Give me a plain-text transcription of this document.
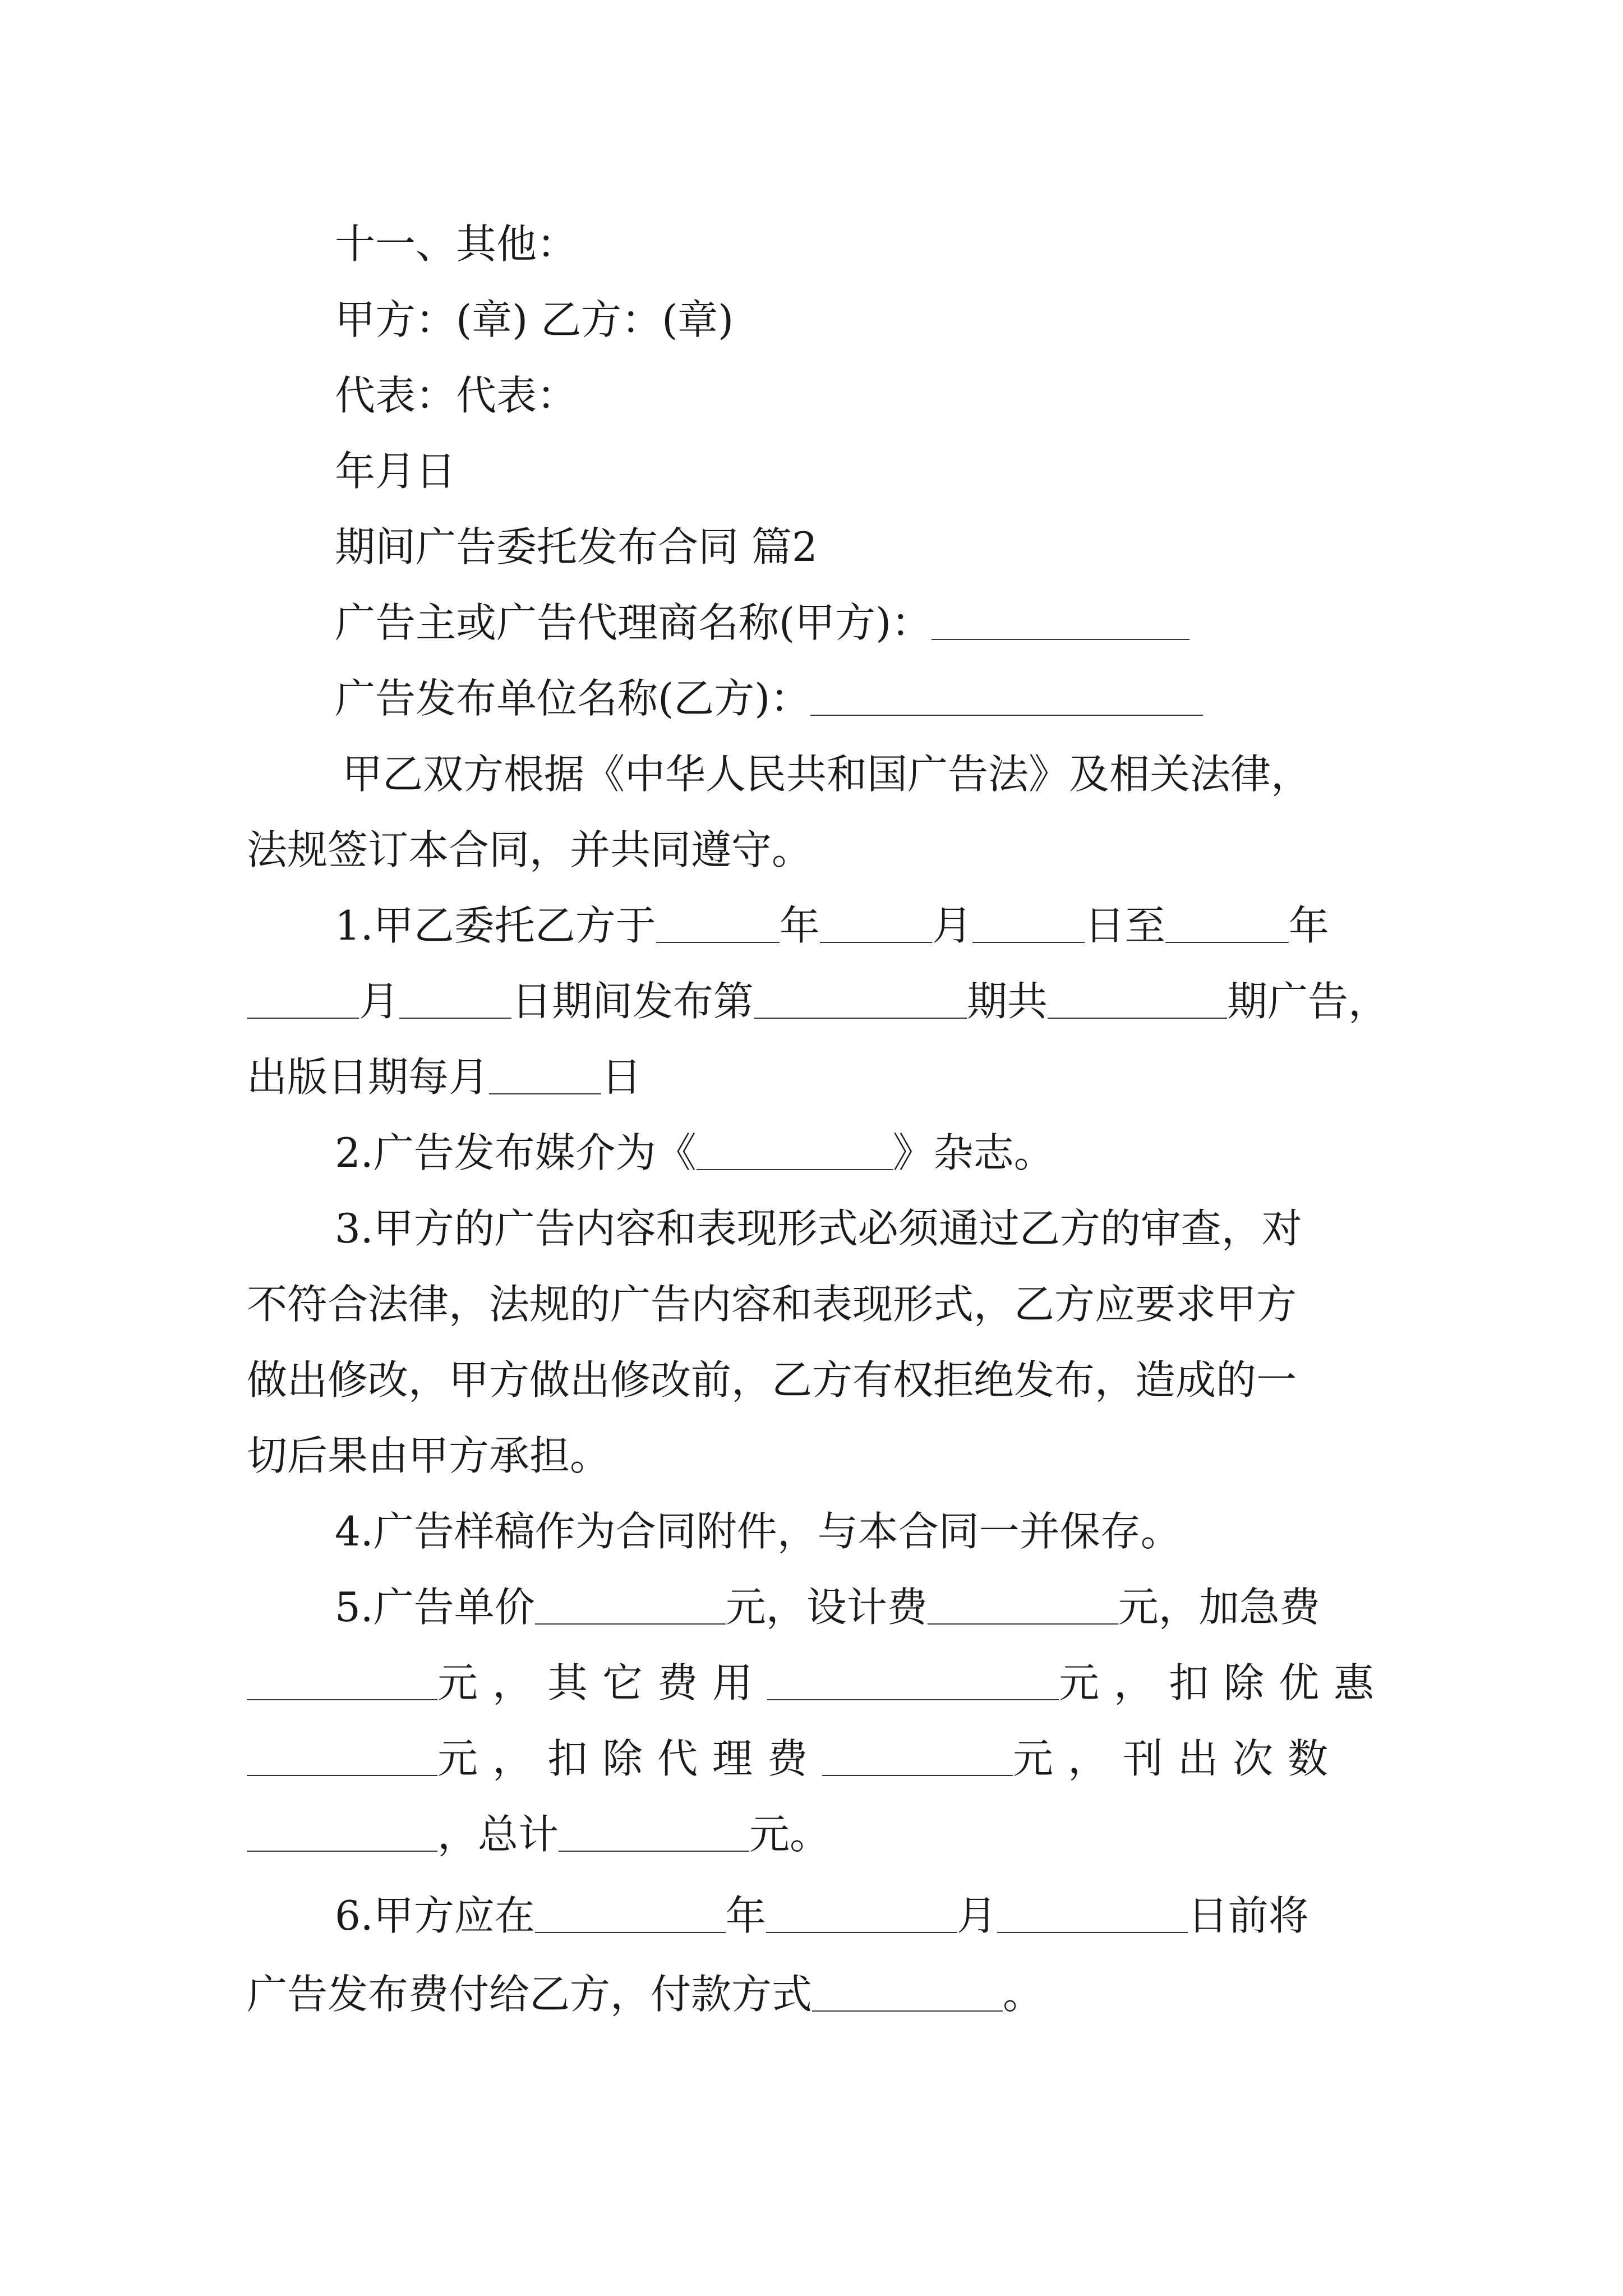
十一、其他：
甲方：(章) 乙方：(章)
代表：代表：
年月日
期间广告委托发布合同 篇2
广告主或广告代理商名称(甲方)：
广告发布单位名称(乙方)：
甲乙双方根据《中华人民共和国广告法》及相关法律，
法规签订本合同，并共同遵守。
1.甲乙委托乙方于	年	月	日至	年
月	日期间发布第	期共	期广告，
出版日期每月	日
2.广告发布媒介为《	》杂志。
3.甲方的广告内容和表现形式必须通过乙方的审查，对
不符合法律，法规的广告内容和表现形式，乙方应要求甲方
做出修改，甲方做出修改前，乙方有权拒绝发布，造成的一
切后果由甲方承担。
4.广告样稿作为合同附件，与本合同一并保存。
5.广告单价	元，设计费	元，加急费
元，其它费用	元，扣除优惠
元，扣除代理费	元，刊出次数
，总计	元。
6.甲方应在	年	月	日前将
广告发布费付给乙方，付款方式	。
